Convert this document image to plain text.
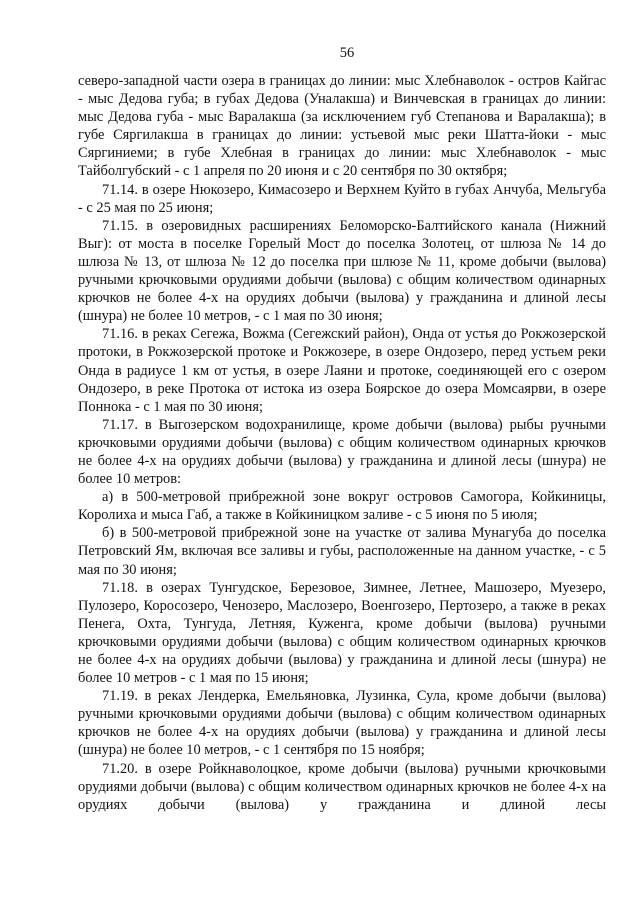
56

северо-западной части озера в границах до линии: мыс Хлебнаволок - остров Кайгас - мыс Дедова губа; в губах Дедова (Уналакша) и Винчевская в границах до линии: мыс Дедова губа - мыс Варалакша (за исключением губ Степанова и Варалакша); в губе Сяргилакша в границах до линии: устьевой мыс реки Шатта-йоки - мыс Сяргиниеми; в губе Хлебная в границах до линии: мыс Хлебнаволок - мыс Тайболгубский - с 1 апреля по 20 июня и с 20 сентября по 30 октября;

71.14. в озере Нюкозеро, Кимасозеро и Верхнем Куйто в губах Анчуба, Мельгуба - с 25 мая по 25 июня;

71.15. в озеровидных расширениях Беломорско-Балтийского канала (Нижний Выг): от моста в поселке Горелый Мост до поселка Золотец, от шлюза № 14 до шлюза № 13, от шлюза № 12 до поселка при шлюзе № 11, кроме добычи (вылова) ручными крючковыми орудиями добычи (вылова) с общим количеством одинарных крючков не более 4-х на орудиях добычи (вылова) у гражданина и длиной лесы (шнура) не более 10 метров, - с 1 мая по 30 июня;

71.16. в реках Сегежа, Вожма (Сегежский район), Онда от устья до Рокжозерской протоки, в Рокжозерской протоке и Рокжозере, в озере Ондозеро, перед устьем реки Онда в радиусе 1 км от устья, в озере Лаяни и протоке, соединяющей его с озером Ондозеро, в реке Протока от истока из озера Боярское до озера Момсаярви, в озере Поннока - с 1 мая по 30 июня;

71.17. в Выгозерском водохранилище, кроме добычи (вылова) рыбы ручными крючковыми орудиями добычи (вылова) с общим количеством одинарных крючков не более 4-х на орудиях добычи (вылова) у гражданина и длиной лесы (шнура) не более 10 метров:

а) в 500-метровой прибрежной зоне вокруг островов Самогора, Койкиницы, Королиха и мыса Габ, а также в Койкиницком заливе - с 5 июня по 5 июля;

б) в 500-метровой прибрежной зоне на участке от залива Мунагуба до поселка Петровский Ям, включая все заливы и губы, расположенные на данном участке, - с 5 мая по 30 июня;

71.18. в озерах Тунгудское, Березовое, Зимнее, Летнее, Машозеро, Муезеро, Пулозеро, Коросозеро, Ченозеро, Маслозеро, Военгозеро, Пертозеро, а также в реках Пенега, Охта, Тунгуда, Летняя, Куженга, кроме добычи (вылова) ручными крючковыми орудиями добычи (вылова) с общим количеством одинарных крючков не более 4-х на орудиях добычи (вылова) у гражданина и длиной лесы (шнура) не более 10 метров - с 1 мая по 15 июня;

71.19. в реках Лендерка, Емельяновка, Лузинка, Сула, кроме добычи (вылова) ручными крючковыми орудиями добычи (вылова) с общим количеством одинарных крючков не более 4-х на орудиях добычи (вылова) у гражданина и длиной лесы (шнура) не более 10 метров, - с 1 сентября по 15 ноября;

71.20. в озере Ройкнаволоцкое, кроме добычи (вылова) ручными крючковыми орудиями добычи (вылова) с общим количеством одинарных крючков не более 4-х на орудиях добычи (вылова) у гражданина и длиной лесы
